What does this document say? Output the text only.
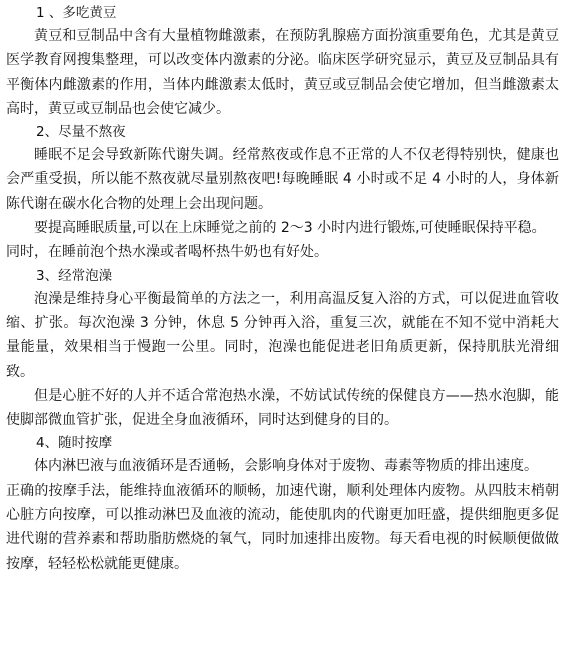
1 、多吃黄豆

黄豆和豆制品中含有大量植物雌激素，在预防乳腺癌方面扮演重要角色，尤其是黄豆医学教育网搜集整理，可以改变体内激素的分泌。临床医学研究显示，黄豆及豆制品具有平衡体内雌激素的作用，当体内雌激素太低时，黄豆或豆制品会使它增加，但当雌激素太高时，黄豆或豆制品也会使它减少。

2、尽量不熬夜

睡眠不足会导致新陈代谢失调。经常熬夜或作息不正常的人不仅老得特别快，健康也会严重受损，所以能不熬夜就尽量别熬夜吧!每晚睡眠 4 小时或不足 4 小时的人，身体新陈代谢在碳水化合物的处理上会出现问题。

要提高睡眠质量,可以在上床睡觉之前的 2～3 小时内进行锻炼,可使睡眠保持平稳。

同时，在睡前泡个热水澡或者喝杯热牛奶也有好处。

3、经常泡澡

泡澡是维持身心平衡最简单的方法之一，利用高温反复入浴的方式，可以促进血管收缩、扩张。每次泡澡 3 分钟，休息 5 分钟再入浴，重复三次，就能在不知不觉中消耗大量能量，效果相当于慢跑一公里。同时，泡澡也能促进老旧角质更新，保持肌肤光滑细致。

但是心脏不好的人并不适合常泡热水澡，不妨试试传统的保健良方——热水泡脚，能使脚部微血管扩张，促进全身血液循环，同时达到健身的目的。

4、随时按摩

体内淋巴液与血液循环是否通畅，会影响身体对于废物、毒素等物质的排出速度。

正确的按摩手法，能维持血液循环的顺畅，加速代谢，顺利处理体内废物。从四肢末梢朝心脏方向按摩，可以推动淋巴及血液的流动，能使肌肉的代谢更加旺盛，提供细胞更多促进代谢的营养素和帮助脂肪燃烧的氧气，同时加速排出废物。每天看电视的时候顺便做做按摩，轻轻松松就能更健康。
